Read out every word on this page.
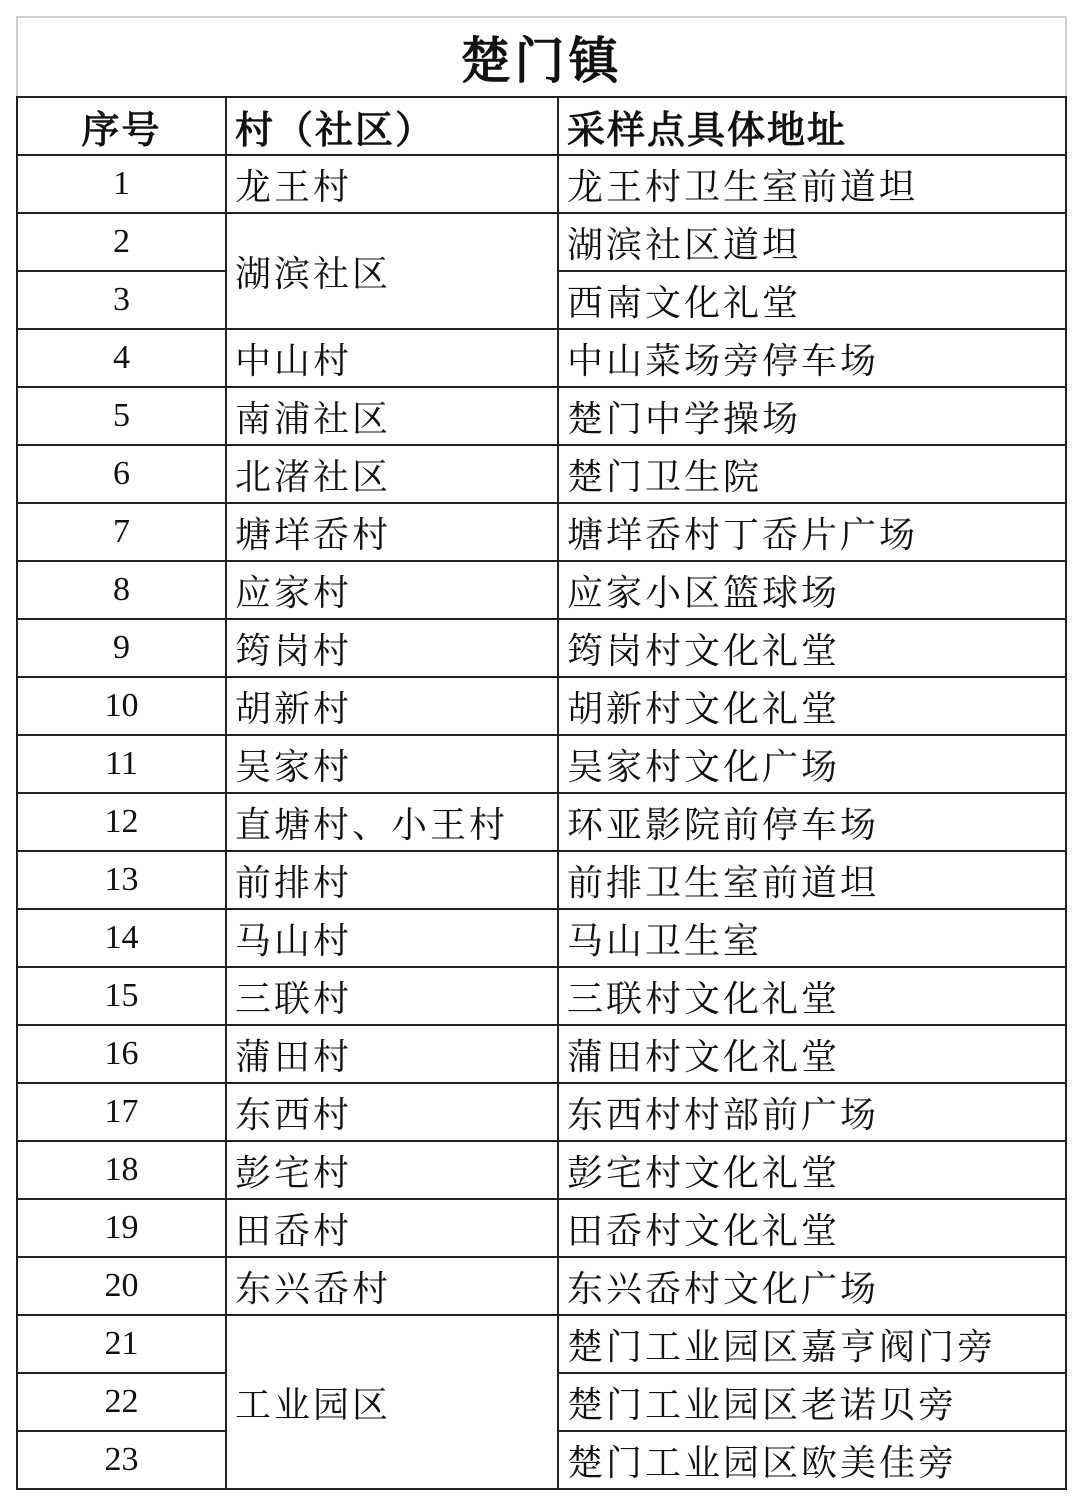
楚门镇		
序号	村（社区）	采样点具体地址
1	龙王村	龙王村卫生室前道坦
2	湖滨社区	湖滨社区道坦
3		西南文化礼堂
4	中山村	中山菜场旁停车场
5	南浦社区	楚门中学操场
6	北渚社区	楚门卫生院
7	塘垟岙村	塘垟岙村丁岙片广场
8	应家村	应家小区篮球场
9	筠岗村	筠岗村文化礼堂
10	胡新村	胡新村文化礼堂
11	吴家村	吴家村文化广场
12	直塘村、小王村	环亚影院前停车场
13	前排村	前排卫生室前道坦
14	马山村	马山卫生室
15	三联村	三联村文化礼堂
16	蒲田村	蒲田村文化礼堂
17	东西村	东西村村部前广场
18	彭宅村	彭宅村文化礼堂
19	田岙村	田岙村文化礼堂
20	东兴岙村	东兴岙村文化广场
21	工业园区	楚门工业园区嘉亨阀门旁
22		楚门工业园区老诺贝旁
23		楚门工业园区欧美佳旁
